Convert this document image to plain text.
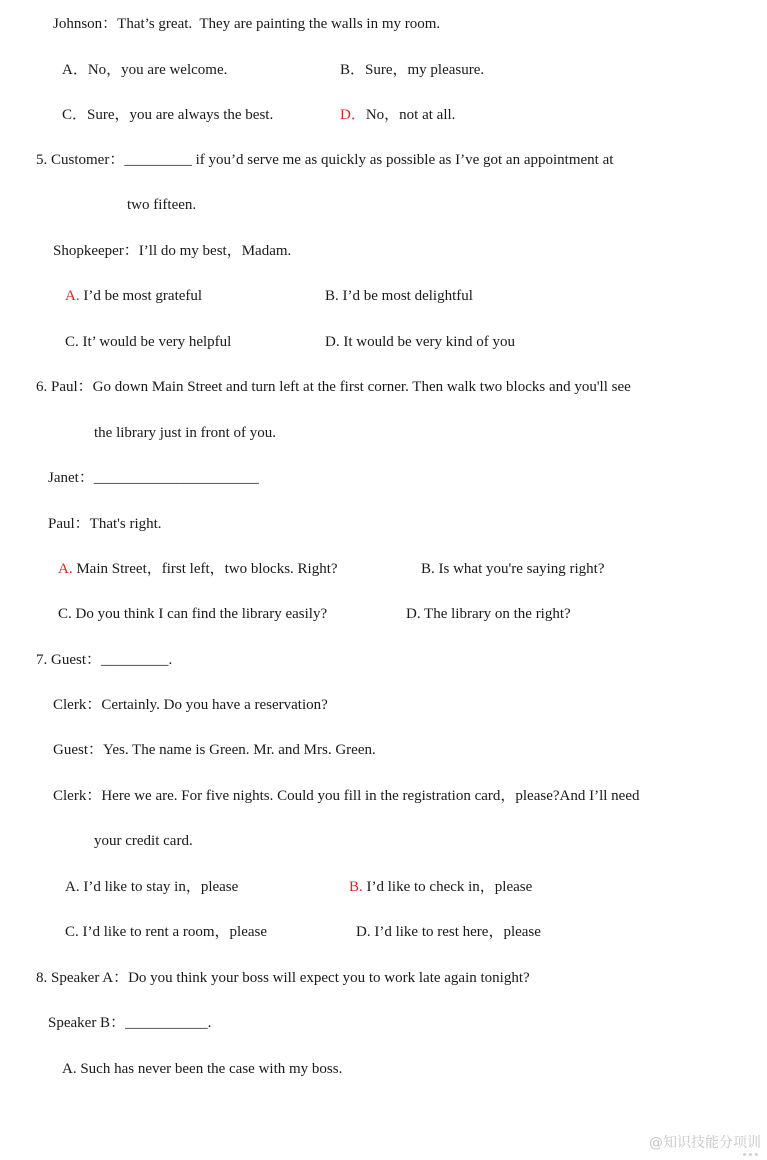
Johnson：That’s great.  They are painting the walls in my room.
A．No，you are welcome.	B．Sure，my pleasure.
C．Sure，you are always the best.	D．No，not at all.
5. Customer：_________ if you’d serve me as quickly as possible as I’ve got an appointment at
two fifteen.
Shopkeeper：I’ll do my best，Madam.
A. I’d be most grateful	B. I’d be most delightful
C. It’ would be very helpful	D. It would be very kind of you
6. Paul：Go down Main Street and turn left at the first corner. Then walk two blocks and you'll see
the library just in front of you.
Janet：______________________
Paul：That's right.
A. Main Street，first left，two blocks. Right?	B. Is what you're saying right?
C. Do you think I can find the library easily?	D. The library on the right?
7. Guest：_________.
Clerk：Certainly. Do you have a reservation?
Guest：Yes. The name is Green. Mr. and Mrs. Green.
Clerk：Here we are. For five nights. Could you fill in the registration card，please?And I’ll need
your credit card.
A. I’d like to stay in，please	B. I’d like to check in，please
C. I’d like to rent a room，please	D. I’d like to rest here，please
8. Speaker A：Do you think your boss will expect you to work late again tonight?
Speaker B：___________.
A. Such has never been the case with my boss.
@知识技能分项训
